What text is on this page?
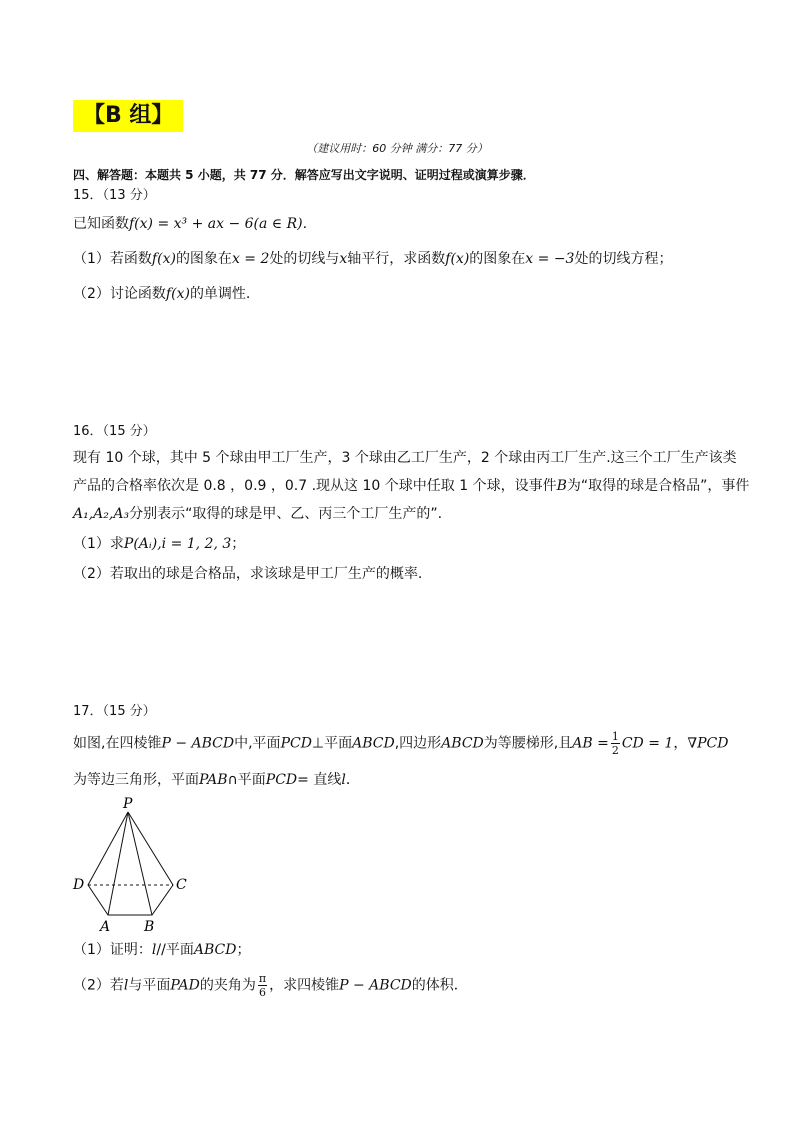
【B 组】
（建议用时：60 分钟 满分：77 分）
四、解答题：本题共 5 小题，共 77 分．解答应写出文字说明、证明过程或演算步骤．
15．（13 分）
已知函数f(x) = x³ + ax − 6(a ∈ R).
（1）若函数f(x)的图象在x = 2处的切线与x轴平行，求函数f(x)的图象在x = −3处的切线方程；
（2）讨论函数f(x)的单调性.
16．（15 分）
现有 10 个球，其中 5 个球由甲工厂生产，3 个球由乙工厂生产，2 个球由丙工厂生产.这三个工厂生产该类
产品的合格率依次是 0.8 ，0.9 ，0.7 .现从这 10 个球中任取 1 个球，设事件B为“取得的球是合格品”，事件
A₁,A₂,A₃分别表示“取得的球是甲、乙、丙三个工厂生产的”.
（1）求P(Aᵢ),i = 1, 2, 3；
（2）若取出的球是合格品，求该球是甲工厂生产的概率.
17．（15 分）
如图,在四棱锥P − ABCD中,平面PCD⊥平面ABCD,四边形ABCD为等腰梯形,且AB = $\frac{1}{2}$ CD = 1，∇PCD
为等边三角形，平面PAB∩平面PCD= 直线l．
P
D	C
A B
（1）证明：l//平面ABCD；
（2）若l与平面PAD的夹角为 $\frac{\pi}{6}$ ，求四棱锥P − ABCD的体积．
